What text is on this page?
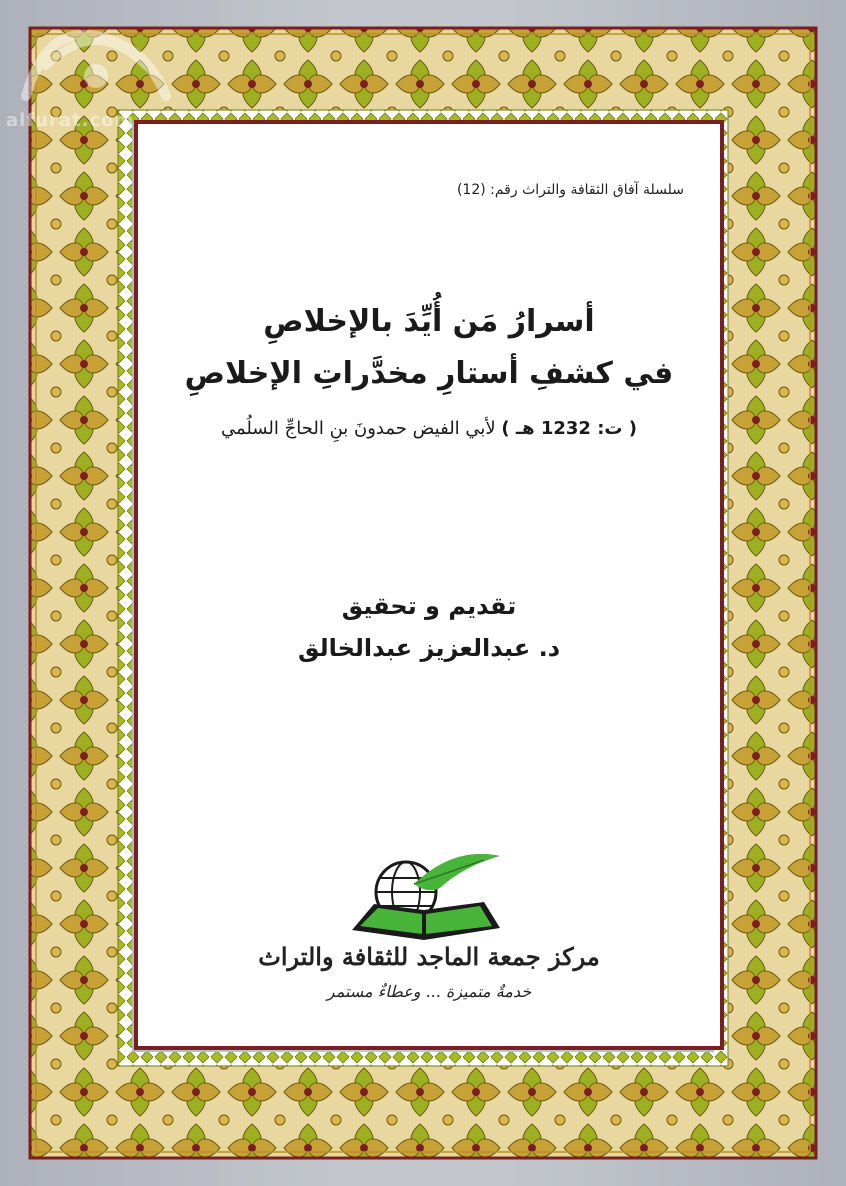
alfurat.com
سلسلة آفاق الثقافة والتراث رقم: (12)
أسرارُ مَن أُيِّدَ بالإخلاصِ
في كشفِ أستارِ مخدَّراتِ الإخلاصِ
لأبي الفيض حمدونَ بنِ الحاجِّ السلُمي ( ت: 1232 هـ )
تقديم و تحقيق
د. عبدالعزيز عبدالخالق
مركز جمعة الماجد للثقافة والتراث
خدمةٌ متميزة ... وعطاءٌ مستمر
